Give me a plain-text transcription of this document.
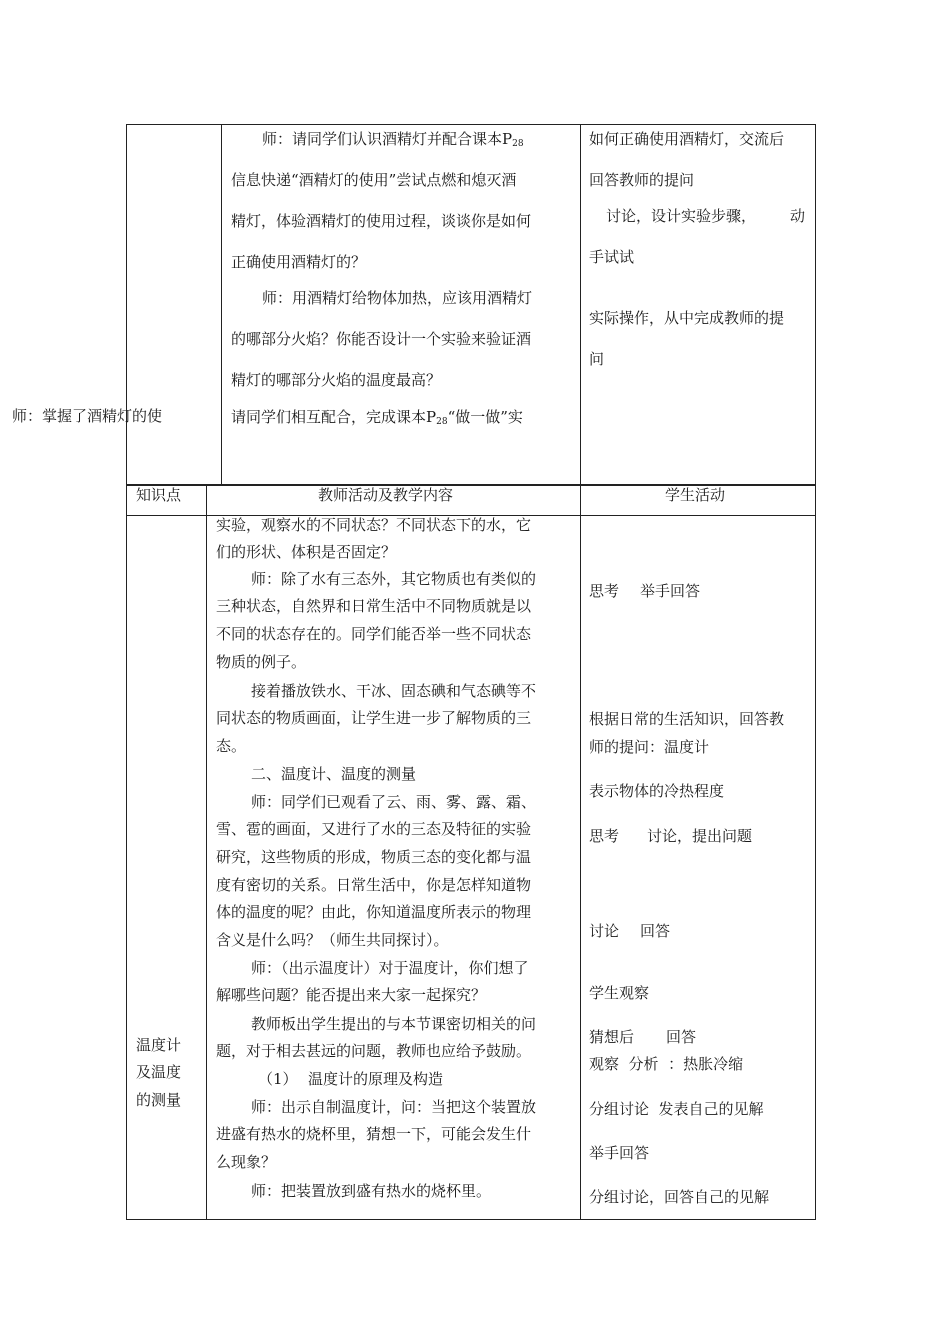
师：请同学们认识酒精灯并配合课本$P_{28}$
信息快递“酒精灯的使用”尝试点燃和熄灭酒
精灯，体验酒精灯的使用过程，谈谈你是如何
正确使用酒精灯的？
师：用酒精灯给物体加热，应该用酒精灯
的哪部分火焰？你能否设计一个实验来验证酒
精灯的哪部分火焰的温度最高？
请同学们相互配合，完成课本$P_{28}“$做一做”实
如何正确使用酒精灯，交流后
回答教师的提问
讨论，设计实验步骤， 动
手试试
实际操作，从中完成教师的提
问
师：掌握了酒精灯的使
知识点	教师活动及教学内容	学生活动
温度计
及温度
的测量
实验，观察水的不同状态？不同状态下的水，它
们的形状、体积是否固定？
师：除了水有三态外，其它物质也有类似的
三种状态，自然界和日常生活中不同物质就是以
不同的状态存在的。同学们能否举一些不同状态
物质的例子。
接着播放铁水、干冰、固态碘和气态碘等不
同状态的物质画面，让学生进一步了解物质的三
态。
二、温度计、温度的测量
师：同学们已观看了云、雨、雾、露、霜、
雪、雹的画面，又进行了水的三态及特征的实验
研究，这些物质的形成，物质三态的变化都与温
度有密切的关系。日常生活中，你是怎样知道物
体的温度的呢？由此，你知道温度所表示的物理
含义是什么吗？（师生共同探讨）。
师：（出示温度计）对于温度计，你们想了
解哪些问题？能否提出来大家一起探究？
教师板出学生提出的与本节课密切相关的问
题，对于相去甚远的问题，教师也应给予鼓励。
（1） 温度计的原理及构造
师：出示自制温度计，问：当把这个装置放
进盛有热水的烧杯里，猜想一下，可能会发生什
么现象？
师：把装置放到盛有热水的烧杯里。
思考 举手回答
根据日常的生活知识，回答教
师的提问：温度计
表示物体的冷热程度
思考 讨论，提出问题
讨论 回答
学生观察
猜想后 回答
观察  分析  ：热胀冷缩
分组讨论  发表自己的见解
举手回答
分组讨论，回答自己的见解
